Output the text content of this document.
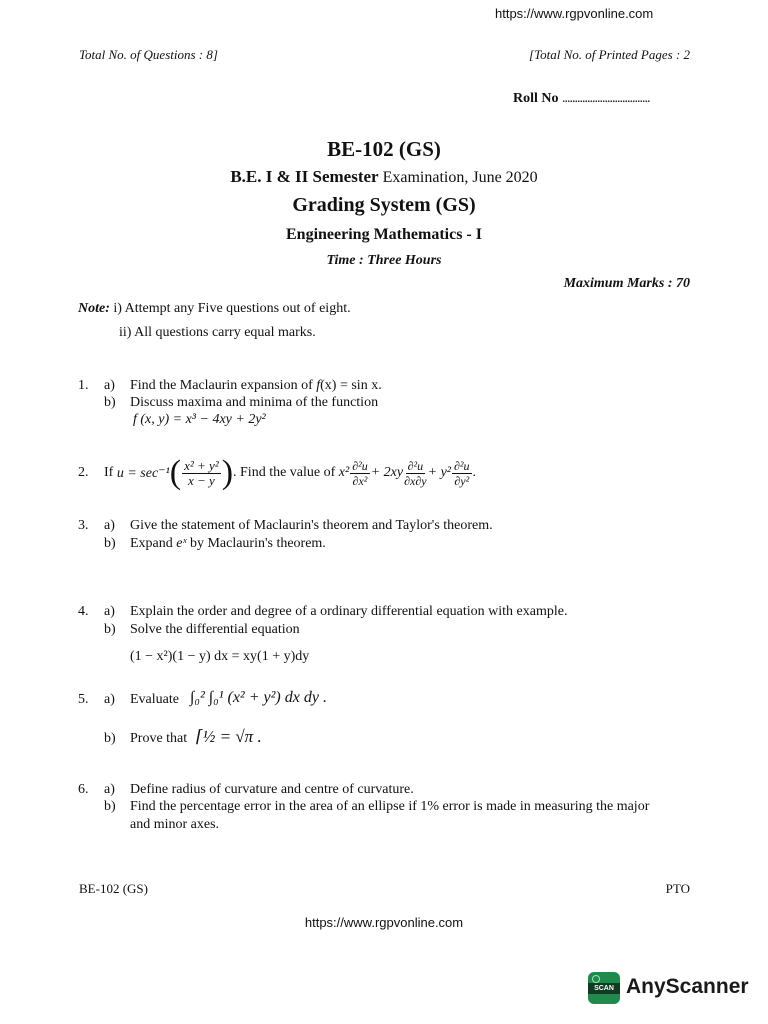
https://www.rgpvonline.com
Total No. of Questions : 8]	[Total No. of Printed Pages : 2
Roll No ...................................
BE-102 (GS)
B.E. I & II Semester Examination, June 2020
Grading System (GS)
Engineering Mathematics - I
Time : Three Hours
Maximum Marks : 70
Note: i) Attempt any Five questions out of eight.
ii) All questions carry equal marks.
1. a) Find the Maclaurin expansion of f(x) = sin x.
b) Discuss maxima and minima of the function
f (x, y) = x³ − 4xy + 2y²
2. If
u = sec⁻¹ ( $\frac{\text{x² + y²}}{x - y}$ ) . Find the value of
$x^2 \frac{\text{∂²u}}{\text{∂x²}} + 2xy \frac{\text{∂²u}}{\partial x\partial y} + y^2 \frac{\text{∂²u}}{\text{∂y²}}$ .
3. a) Give the statement of Maclaurin's theorem and Taylor's theorem.
b) Expand eˣ by Maclaurin's theorem.
4. a) Explain the order and degree of a ordinary differential equation with example.
b) Solve the differential equation
(1 − x²)(1 − y) dx = xy(1 + y)dy
5. a) Evaluate ∫₀² ∫₀¹ (x² + y²) dx dy .
b) Prove that ⌈½ = √π .
6. a) Define radius of curvature and centre of curvature.
b) Find the percentage error in the area of an ellipse if 1% error is made in measuring the major
and minor axes.
BE-102 (GS)	PTO
https://www.rgpvonline.com
SCAN AnyScanner
